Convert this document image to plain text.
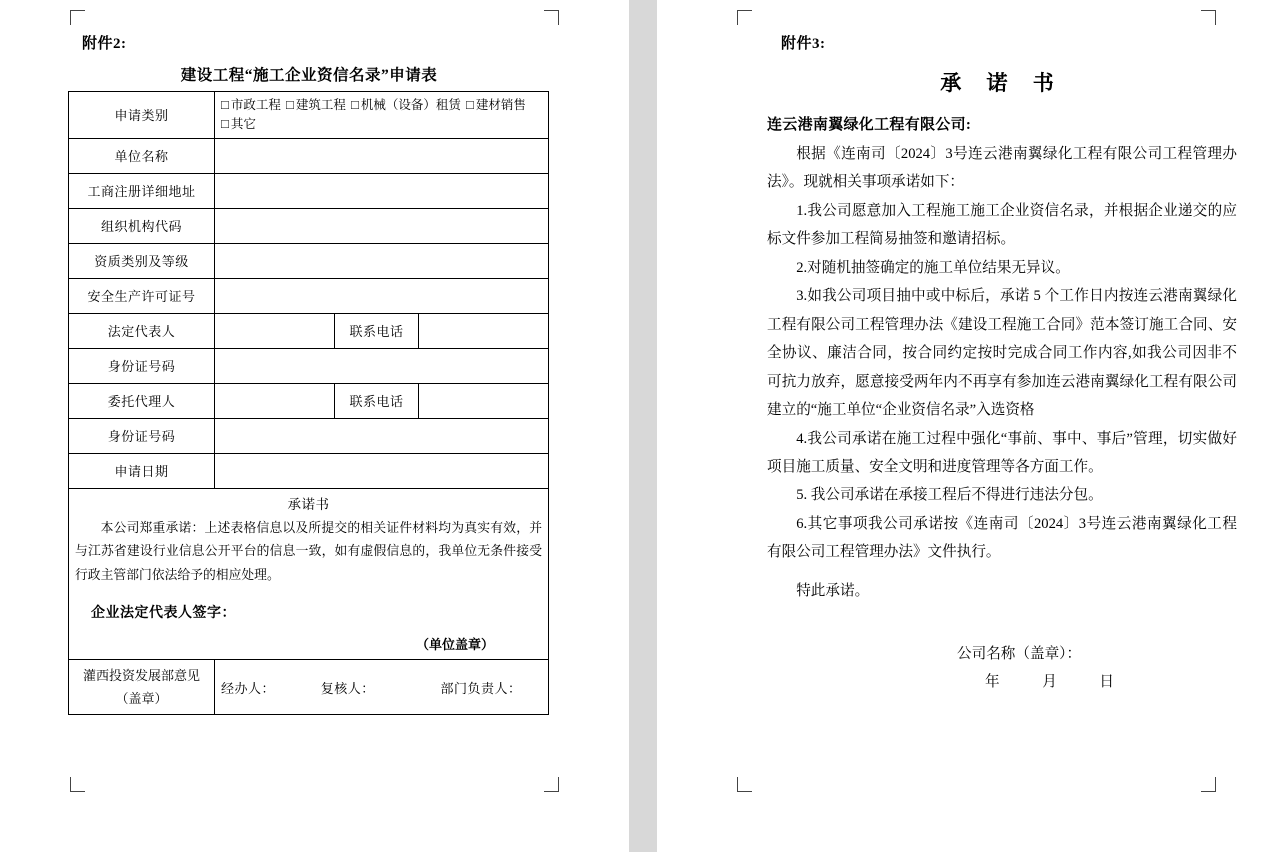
附件2:
建设工程“施工企业资信名录”申请表
申请类别	□ 市政工程 □ 建筑工程 □ 机械（设备）租赁 □ 建材销售
□ 其它

单位名称			
工商注册详细地址			
组织机构代码			
资质类别及等级			
安全生产许可证号			
法定代表人		联系电话	
身份证号码			
委托代理人		联系电话	
身份证号码			
申请日期			

承诺书
本公司郑重承诺：上述表格信息以及所提交的相关证件材料均为真实有效，并与江苏省建设行业信息公开平台的信息一致，如有虚假信息的，我单位无条件接受行政主管部门依法给予的相应处理。
企业法定代表人签字：
（单位盖章）			

灌西投资发展部意见（盖章）	经办人： 复核人： 部门负责人：		
附件3:
承 诺 书
连云港南翼绿化工程有限公司:

根据《连南司〔2024〕3号连云港南翼绿化工程有限公司工程管理办法》。现就相关事项承诺如下：

1.我公司愿意加入工程施工施工企业资信名录，并根据企业递交的应标文件参加工程简易抽签和邀请招标。

2.对随机抽签确定的施工单位结果无异议。

3.如我公司项目抽中或中标后，承诺 5 个工作日内按连云港南翼绿化工程有限公司工程管理办法《建设工程施工合同》范本签订施工合同、安全协议、廉洁合同，按合同约定按时完成合同工作内容,如我公司因非不可抗力放弃，愿意接受两年内不再享有参加连云港南翼绿化工程有限公司建立的“施工单位“企业资信名录”入选资格

4.我公司承诺在施工过程中强化“事前、事中、事后”管理，切实做好项目施工质量、安全文明和进度管理等各方面工作。

5. 我公司承诺在承接工程后不得进行违法分包。

6.其它事项我公司承诺按《连南司〔2024〕3号连云港南翼绿化工程有限公司工程管理办法》文件执行。

特此承诺。
公司名称（盖章）：
年　月　日
